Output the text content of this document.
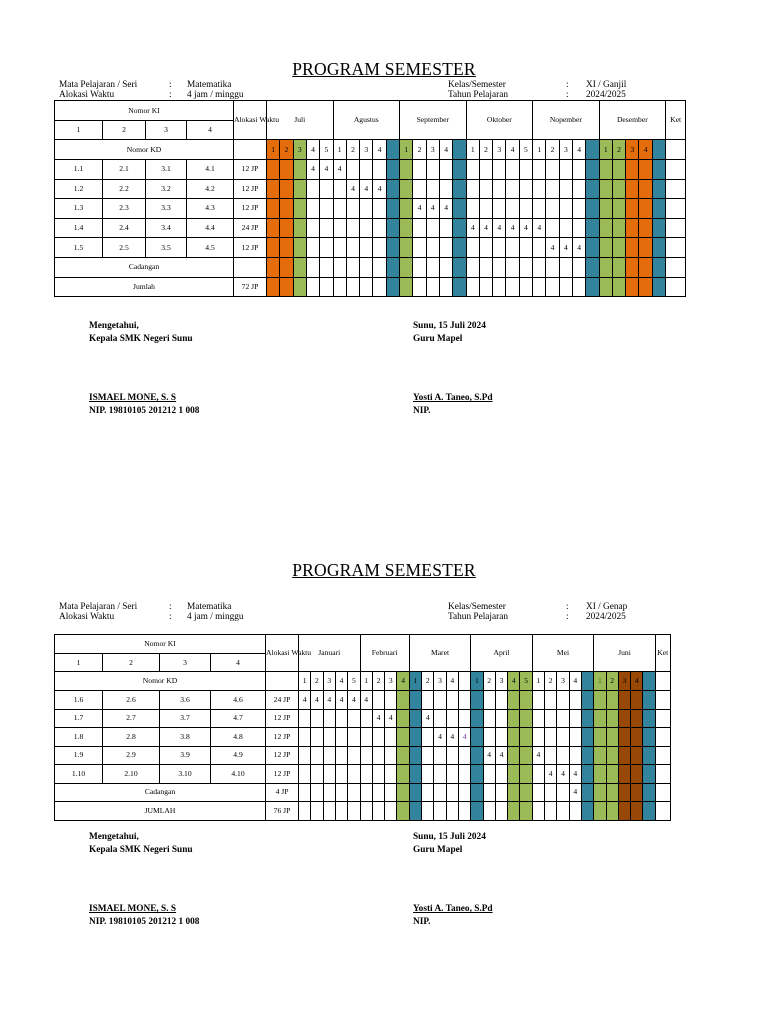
PROGRAM SEMESTER
Mata Pelajaran / Seri	:	Matematika
Alokasi Waktu	:	4 jam / minggu
Kelas/Semester	:	XI / Ganjil
Tahun Pelajaran	:	2024/2025
Nomor KI				Alokasi Waktu	Juli					Agustus					September					Oktober					Nopember					Desember					Ket
1	2	3	4																																
Nomor KD					1	2	3	4	5	1	2	3	4		1	2	3	4		1	2	3	4	5	1	2	3	4		1	2	3	4		
1.1	2.1	3.1	4.1	12 JP				4	4	4																									
1.2	2.2	3.2	4.2	12 JP							4	4	4																						
1.3	2.3	3.3	4.3	12 JP												4	4	4																	
1.4	2.4	3.4	4.4	24 JP																4	4	4	4	4	4										
1.5	2.5	3.5	4.5	12 JP																						4	4	4							
Cadangan																																			
Jumlah				72 JP																															
Mengetahui,
Kepala SMK Negeri Sunu
ISMAEL MONE, S. S
NIP. 19810105 201212 1 008
Sunu, 15 Juli 2024
Guru Mapel
Yosti A. Taneo, S.Pd
NIP.
PROGRAM SEMESTER
Mata Pelajaran / Seri	:	Matematika
Alokasi Waktu	:	4 jam / minggu
Kelas/Semester	:	XI / Genap
Tahun Pelajaran	:	2024/2025
Nomor KI				Alokasi Waktu	Januari					Februari				Maret					April					Mei					Juni					Ket
1	2	3	4																															
Nomor KD					1	2	3	4	5	1	2	3	4	1	2	3	4		1	2	3	4	5	1	2	3	4		1	2	3	4		
1.6	2.6	3.6	4.6	24 JP	4	4	4	4	4	4																								
1.7	2.7	3.7	4.7	12 JP							4	4			4																			
1.8	2.8	3.8	4.8	12 JP												4	4	4																
1.9	2.9	3.9	4.9	12 JP																4	4			4										
1.10	2.10	3.10	4.10	12 JP																					4	4	4							
Cadangan				4 JP																							4							
JUMLAH				76 JP																														
Mengetahui,
Kepala SMK Negeri Sunu
ISMAEL MONE, S. S
NIP. 19810105 201212 1 008
Sunu, 15 Juli 2024
Guru Mapel
Yosti A. Taneo, S.Pd
NIP.
